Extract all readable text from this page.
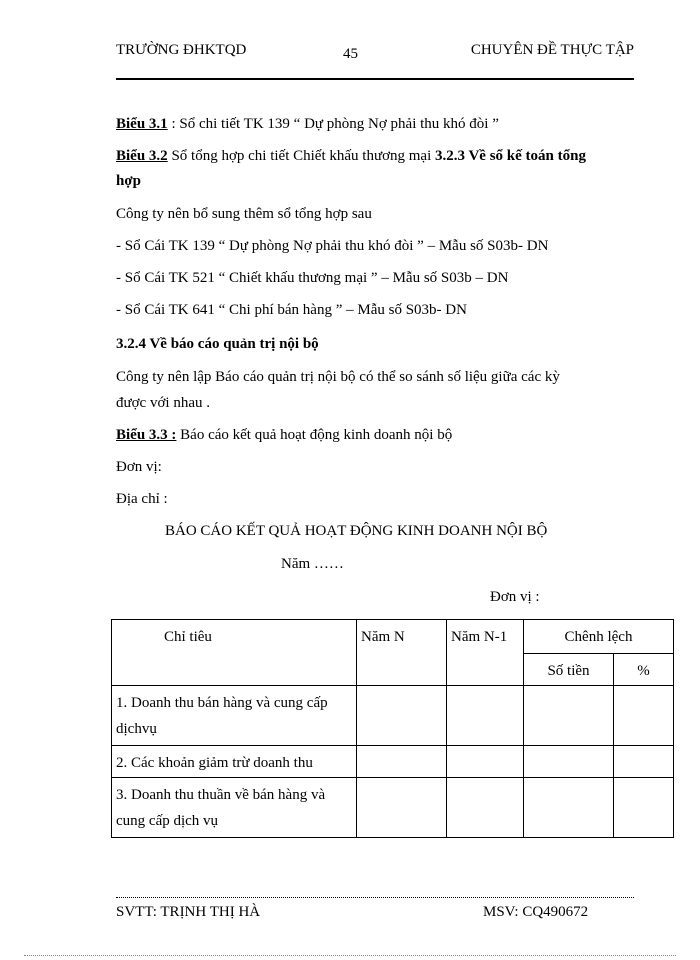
TRƯỜNG ĐHKTQD	45	CHUYÊN ĐỀ THỰC TẬP
Biểu 3.1 : Sổ chi tiết TK 139 “ Dự phòng Nợ phải thu khó đòi ”
Biểu 3.2 Sổ tổng hợp chi tiết Chiết khấu thương mại 3.2.3 Về sổ kế toán tổng
hợp
Công ty nên bổ sung thêm sổ tổng hợp sau
- Sổ Cái TK 139 “ Dự phòng Nợ phải thu khó đòi ” – Mẫu số S03b- DN
- Sổ Cái TK 521 “ Chiết khấu thương mại ” – Mẫu số S03b – DN
- Sổ Cái TK 641 “ Chi phí bán hàng ” – Mẫu số S03b- DN
3.2.4 Về báo cáo quản trị nội bộ
Công ty nên lập Báo cáo quản trị nội bộ có thể so sánh số liệu giữa các kỳ
được với nhau .
Biểu 3.3 : Báo cáo kết quả hoạt động kinh doanh nội bộ
Đơn vị:
Địa chỉ :
BÁO CÁO KẾT QUẢ HOẠT ĐỘNG KINH DOANH NỘI BỘ
Năm ……
Đơn vị :
Chỉ tiêu	Năm N	Năm N-1	Chênh lệch	

			Số tiền	%

1. Doanh thu bán hàng và cung cấp dịchvụ				

2. Các khoản giảm trừ doanh thu				

3. Doanh thu thuần về bán hàng và cung cấp dịch vụ				

SVTT: TRỊNH THỊ HÀ	MSV: CQ490672
